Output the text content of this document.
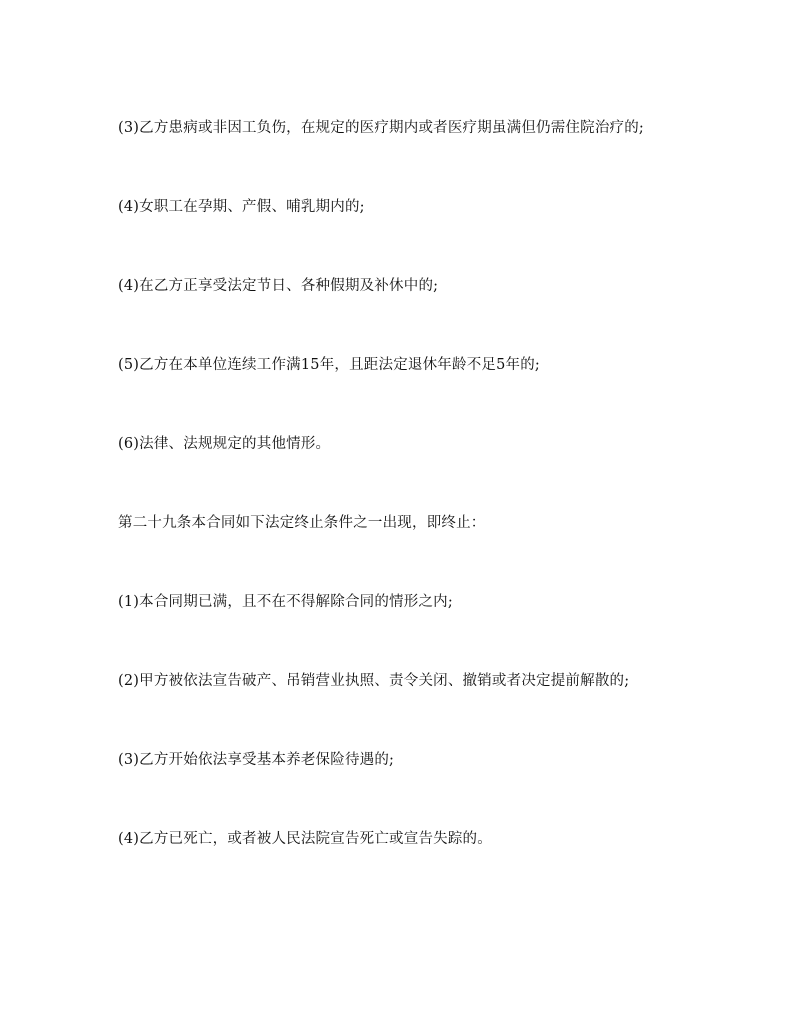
(3)乙方患病或非因工负伤，在规定的医疗期内或者医疗期虽满但仍需住院治疗的;

(4)女职工在孕期、产假、哺乳期内的;

(4)在乙方正享受法定节日、各种假期及补休中的;

(5)乙方在本单位连续工作满15年，且距法定退休年龄不足5年的;

(6)法律、法规规定的其他情形。

第二十九条本合同如下法定终止条件之一出现，即终止：

(1)本合同期已满，且不在不得解除合同的情形之内;

(2)甲方被依法宣告破产、吊销营业执照、责令关闭、撤销或者决定提前解散的;

(3)乙方开始依法享受基本养老保险待遇的;

(4)乙方已死亡，或者被人民法院宣告死亡或宣告失踪的。
